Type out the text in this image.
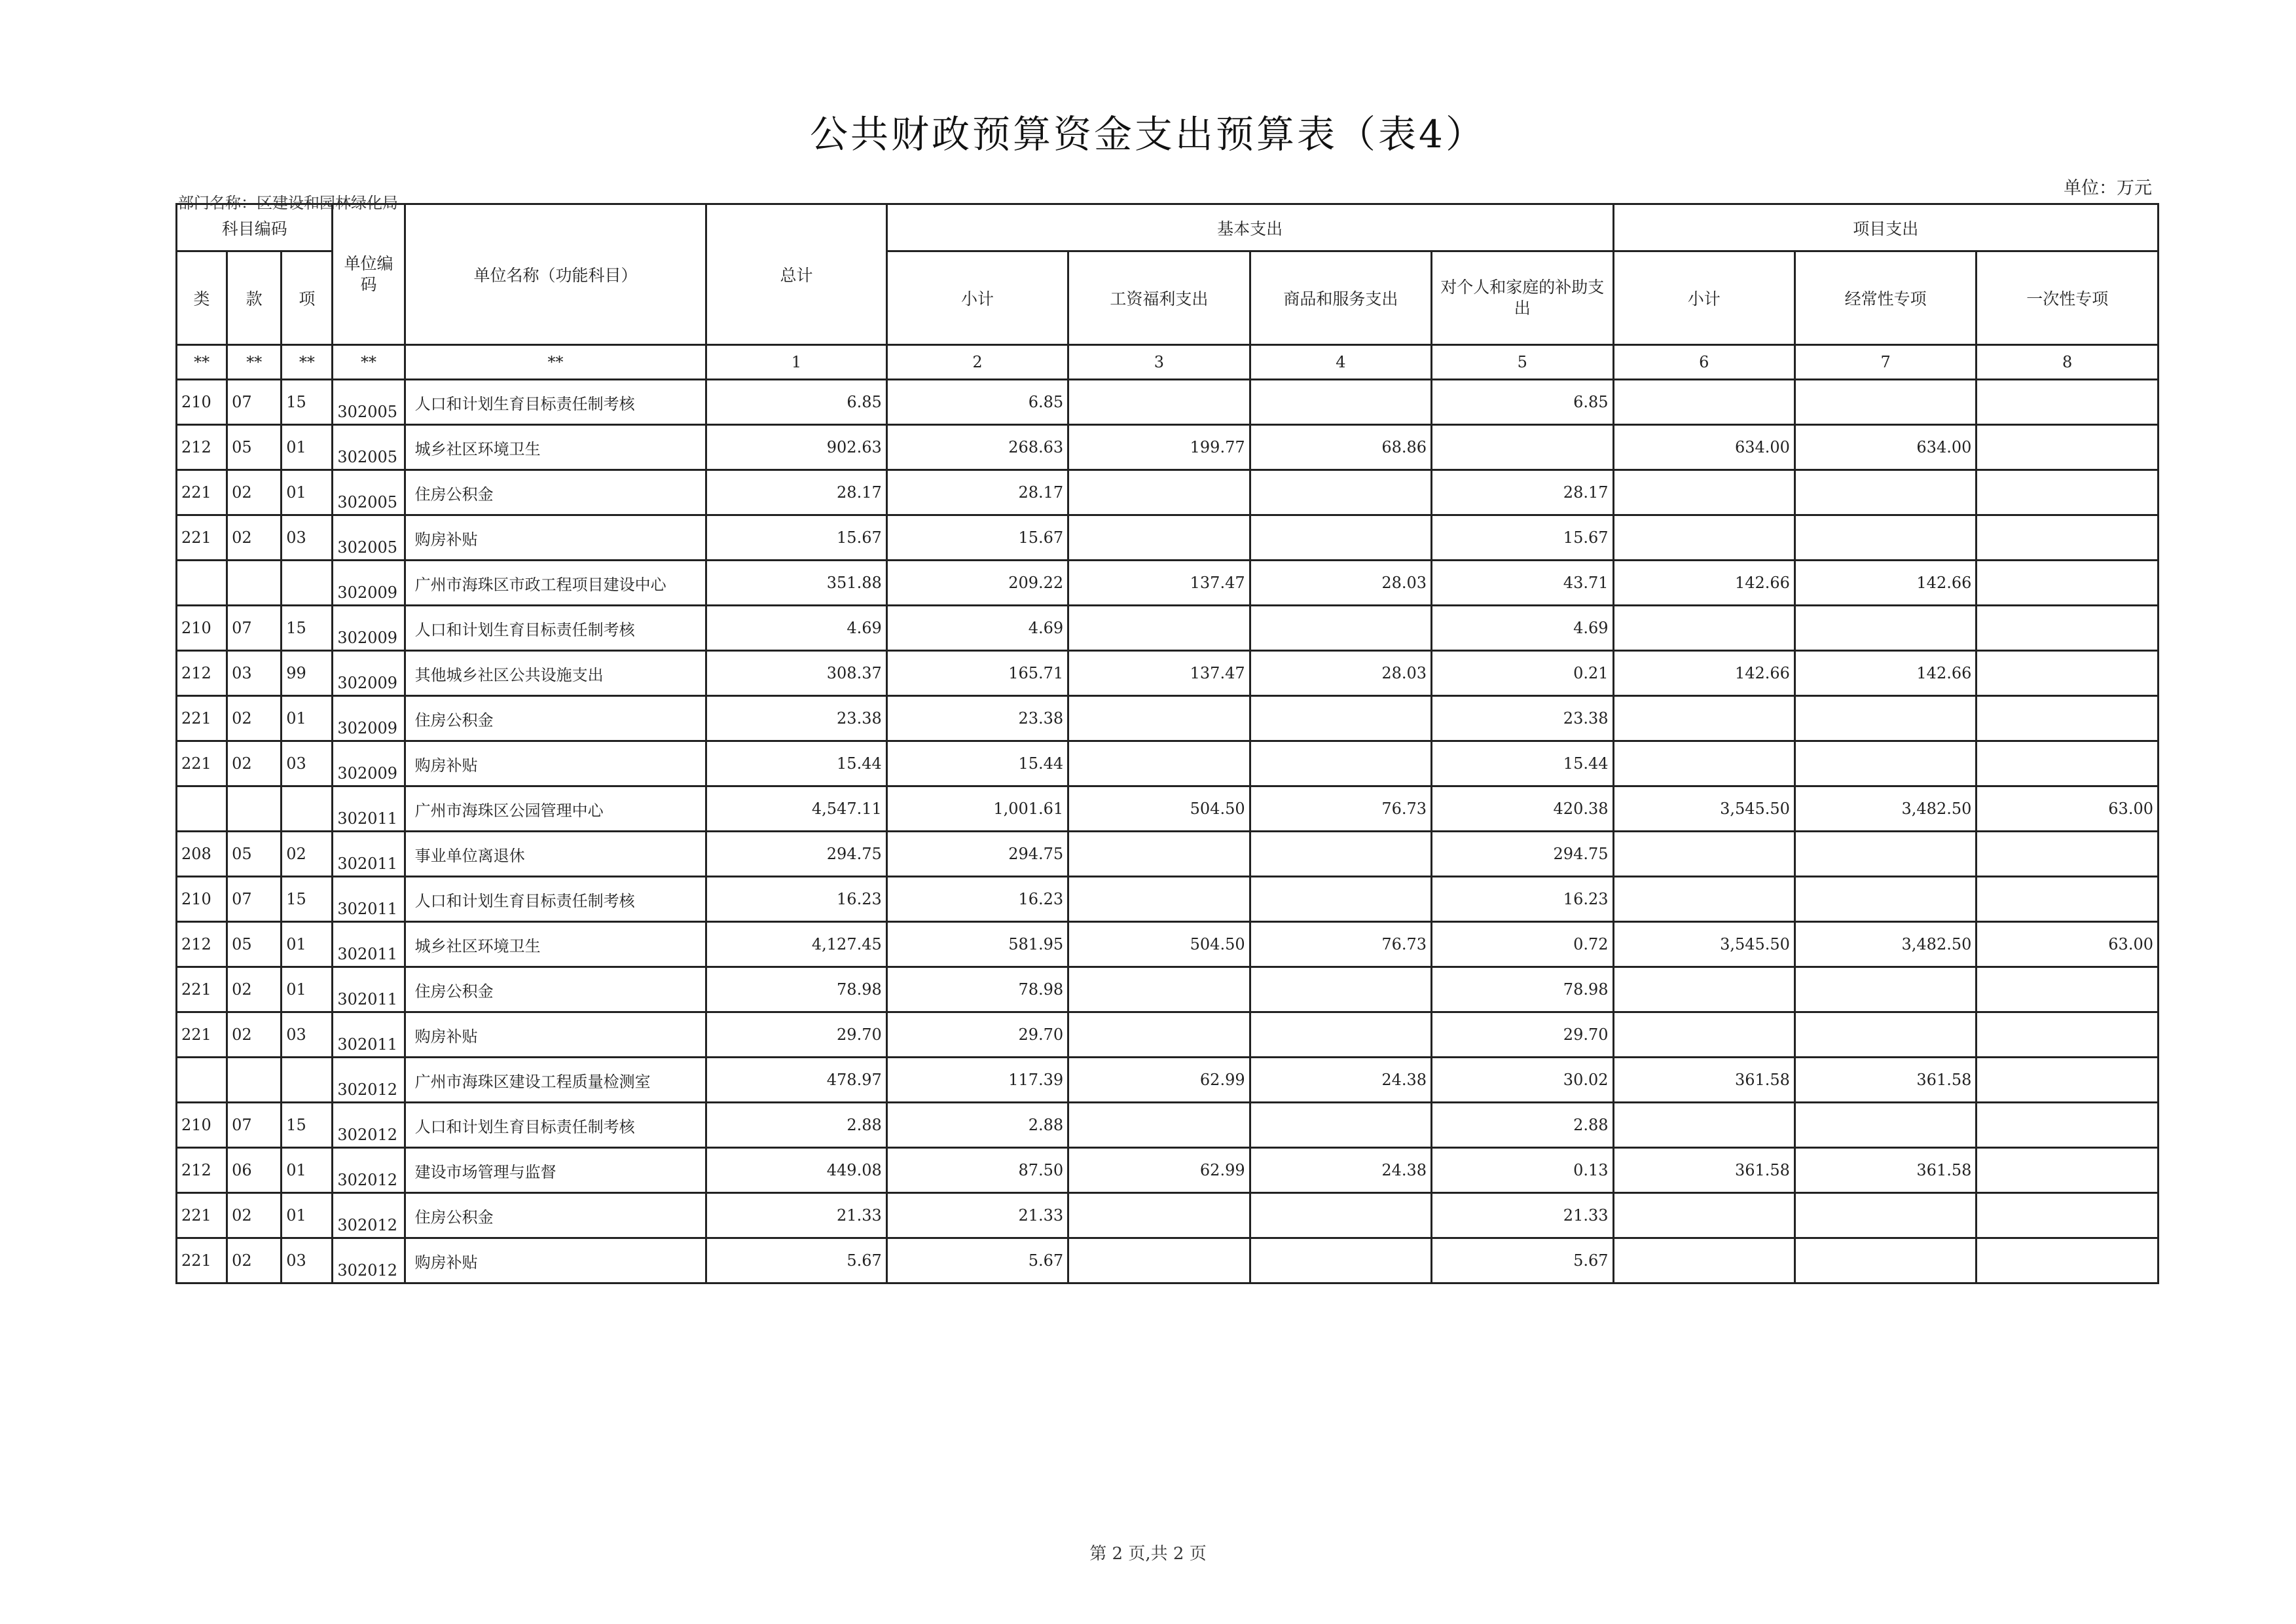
公共财政预算资金支出预算表（表4）
部门名称：区建设和园林绿化局
单位：万元
科目编码			单位编码	单位名称（功能科目）	总计	基本支出				项目支出		
类	款	项				小计	工资福利支出	商品和服务支出	对个人和家庭的补助支出	小计	经常性专项	一次性专项
**	**	**	**	**	1	2	3	4	5	6	7	8
210	07	15	302005	人口和计划生育目标责任制考核	6.85	6.85			6.85			
212	05	01	302005	城乡社区环境卫生	902.63	268.63	199.77	68.86		634.00	634.00	
221	02	01	302005	住房公积金	28.17	28.17			28.17			
221	02	03	302005	购房补贴	15.67	15.67			15.67			
			302009	广州市海珠区市政工程项目建设中心	351.88	209.22	137.47	28.03	43.71	142.66	142.66	
210	07	15	302009	人口和计划生育目标责任制考核	4.69	4.69			4.69			
212	03	99	302009	其他城乡社区公共设施支出	308.37	165.71	137.47	28.03	0.21	142.66	142.66	
221	02	01	302009	住房公积金	23.38	23.38			23.38			
221	02	03	302009	购房补贴	15.44	15.44			15.44			
			302011	广州市海珠区公园管理中心	4,547.11	1,001.61	504.50	76.73	420.38	3,545.50	3,482.50	63.00
208	05	02	302011	事业单位离退休	294.75	294.75			294.75			
210	07	15	302011	人口和计划生育目标责任制考核	16.23	16.23			16.23			
212	05	01	302011	城乡社区环境卫生	4,127.45	581.95	504.50	76.73	0.72	3,545.50	3,482.50	63.00
221	02	01	302011	住房公积金	78.98	78.98			78.98			
221	02	03	302011	购房补贴	29.70	29.70			29.70			
			302012	广州市海珠区建设工程质量检测室	478.97	117.39	62.99	24.38	30.02	361.58	361.58	
210	07	15	302012	人口和计划生育目标责任制考核	2.88	2.88			2.88			
212	06	01	302012	建设市场管理与监督	449.08	87.50	62.99	24.38	0.13	361.58	361.58	
221	02	01	302012	住房公积金	21.33	21.33			21.33			
221	02	03	302012	购房补贴	5.67	5.67			5.67			
第 2 页,共 2 页
